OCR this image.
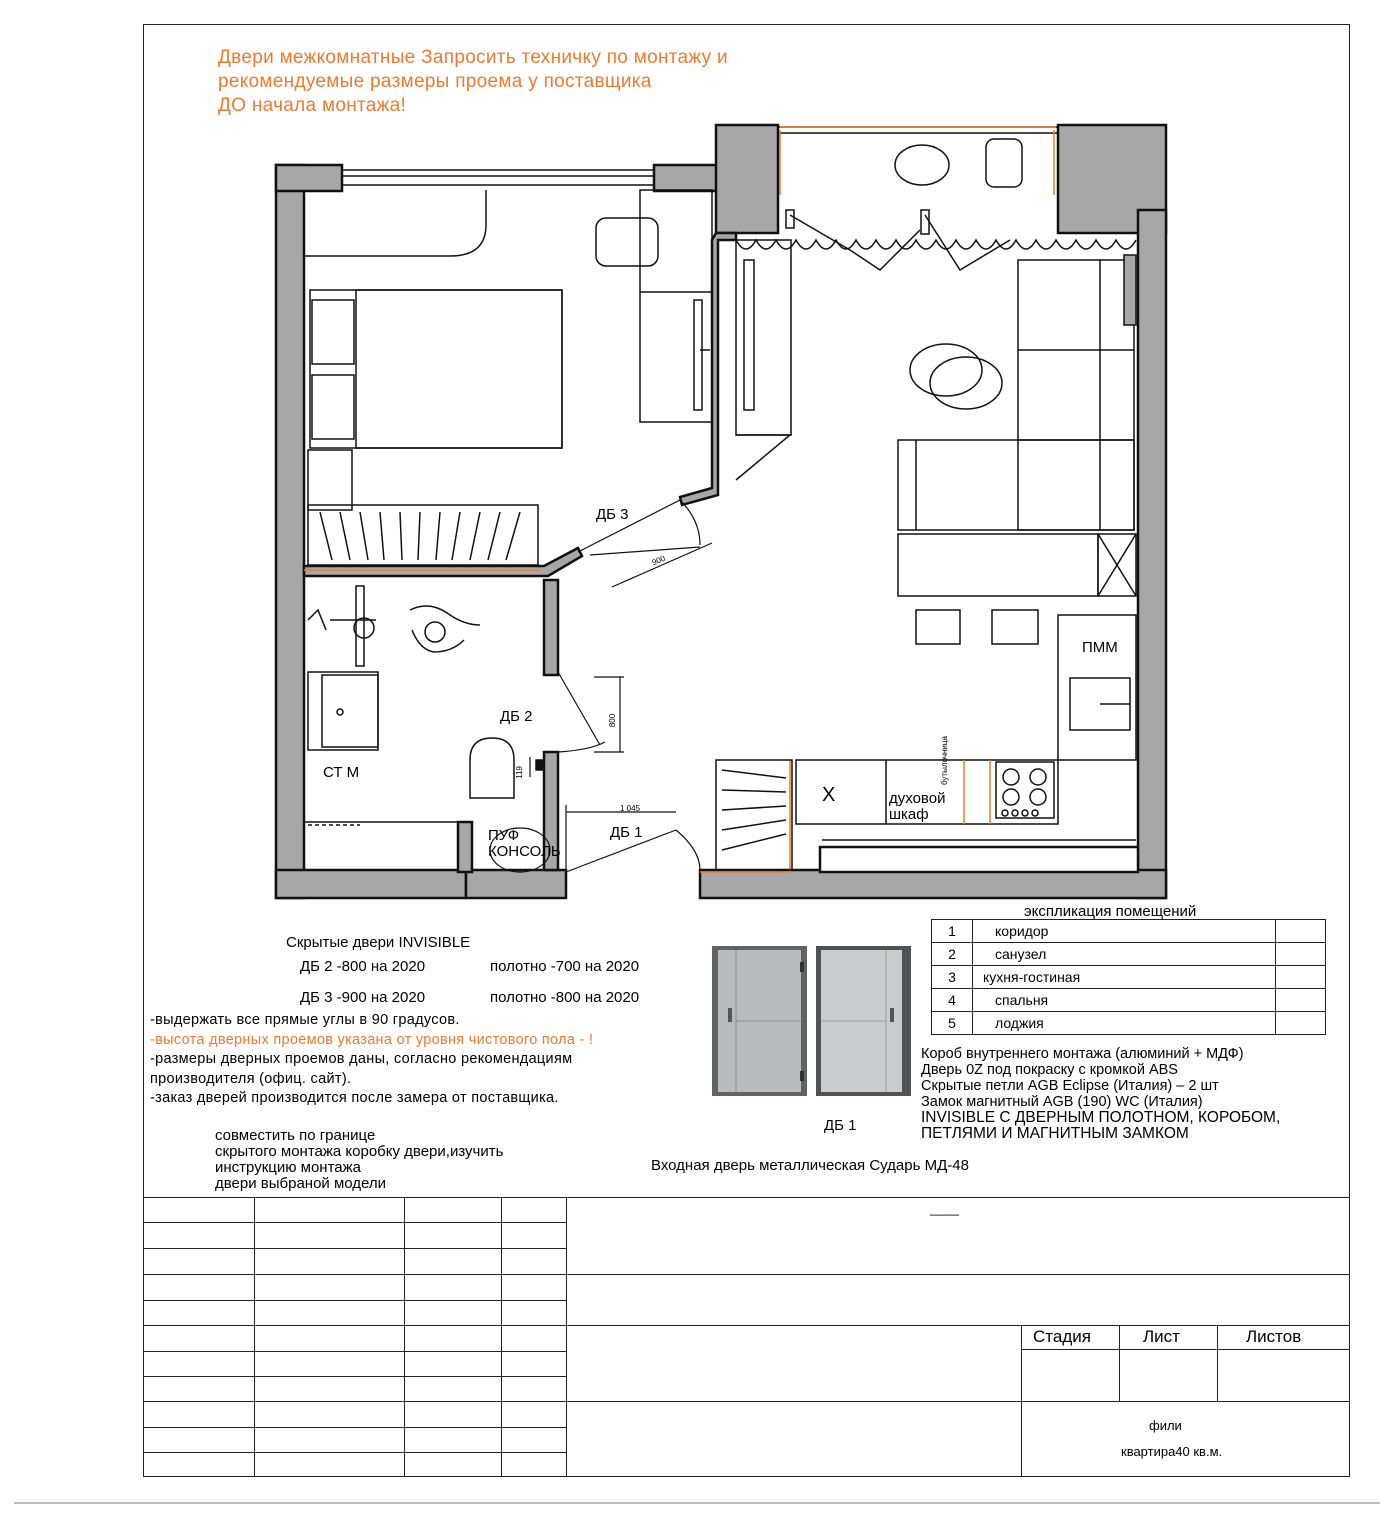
Двери межкомнатные Запросить техничку по монтажу и
рекомендуемые размеры проема у поставщика
ДО начала монтажа!
ДБ 3
ДБ 2
ДБ 1
СТ М
ПММ
ПУФ
КОНСОЛЬ
Х	духовой
шкаф
бутылочница
900
800
119
1 045
Скрытые двери INVISIBLE
ДБ 2 -800 на 2020	полотно -700 на 2020
ДБ 3 -900 на 2020	полотно -800 на 2020
-выдержать все прямые углы в 90 градусов.
-высота дверных проемов указана от уровня чистового пола - !
-размеры дверных проемов даны, согласно рекомендациям
производителя (офиц. сайт).
-заказ дверей производится после замера от поставщика.
совместить по границе
скрытого монтажа коробку двери,изучить
инструкцию монтажа
двери выбраной модели
ДБ 1
Входная дверь металлическая Сударь МД-48
экспликация помещений
1	коридор	
2	санузел	
3	кухня-гостиная	
4	спальня	
5	лоджия	
Короб внутреннего монтажа (алюминий + МДФ)
Дверь 0Z под покраску с кромкой ABS
Скрытые петли AGB Eclipse (Италия) – 2 шт
Замок магнитный AGB (190) WC (Италия)
INVISIBLE С ДВЕРНЫМ ПОЛОТНОМ, КОРОБОМ,
ПЕТЛЯМИ И МАГНИТНЫМ ЗАМКОМ
Стадия	Лист	Листов
фили
квартира40 кв.м.
____
